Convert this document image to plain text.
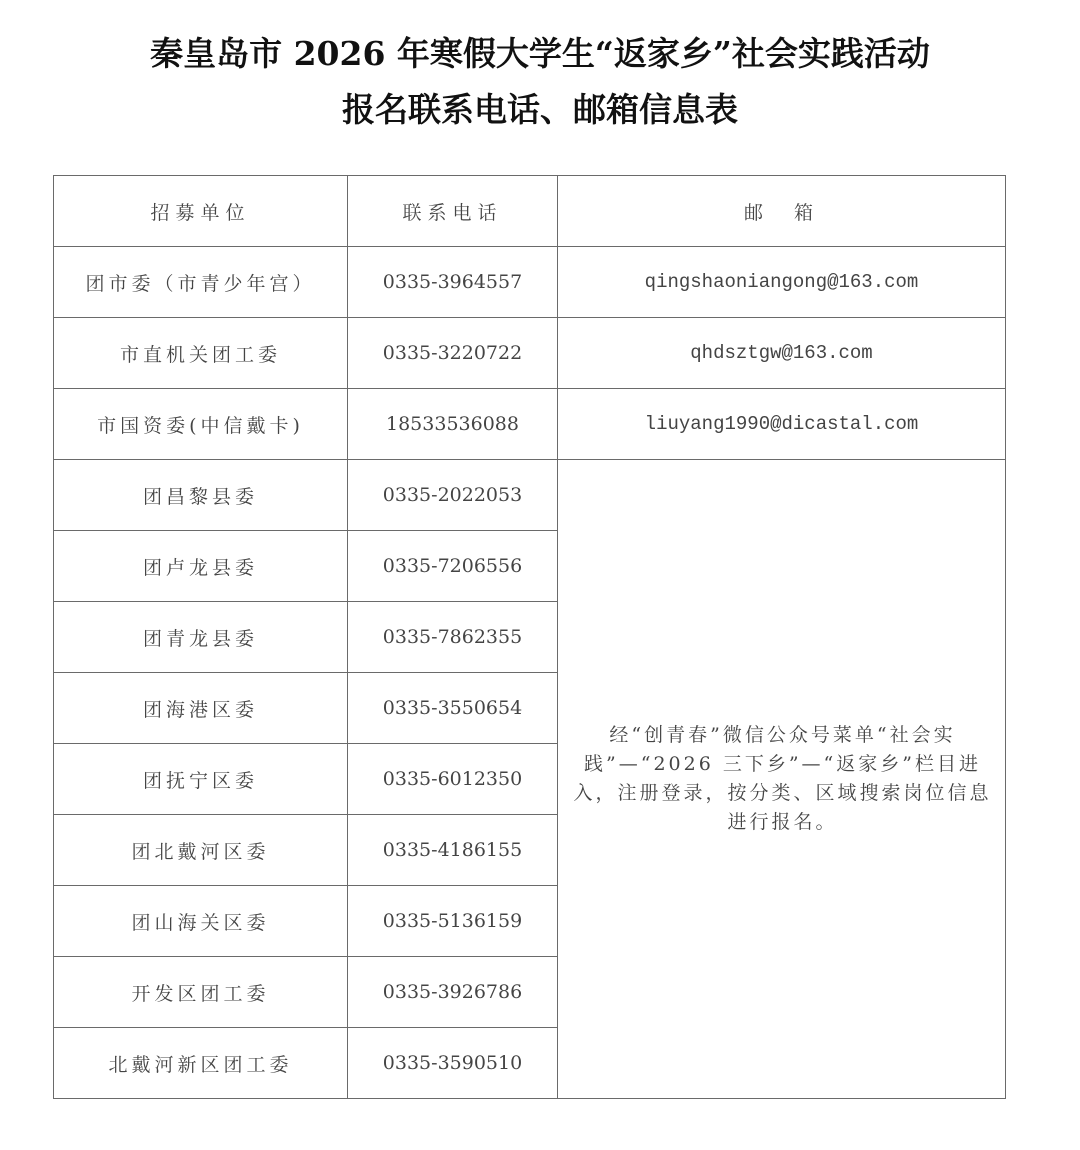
秦皇岛市 2026 年寒假大学生“返家乡”社会实践活动
报名联系电话、邮箱信息表
招募单位	联系电话	邮　箱
团市委（市青少年宫）	0335-3964557	qingshaoniangong@163.com
市直机关团工委	0335-3220722	qhdsztgw@163.com
市国资委(中信戴卡)	18533536088	liuyang1990@dicastal.com
团昌黎县委	0335-2022053	经“创青春”微信公众号菜单“社会实践”—“2026 三下乡”—“返家乡”栏目进入，注册登录，按分类、区域搜索岗位信息进行报名。
团卢龙县委	0335-7206556	
团青龙县委	0335-7862355	
团海港区委	0335-3550654	
团抚宁区委	0335-6012350	
团北戴河区委	0335-4186155	
团山海关区委	0335-5136159	
开发区团工委	0335-3926786	
北戴河新区团工委	0335-3590510	
